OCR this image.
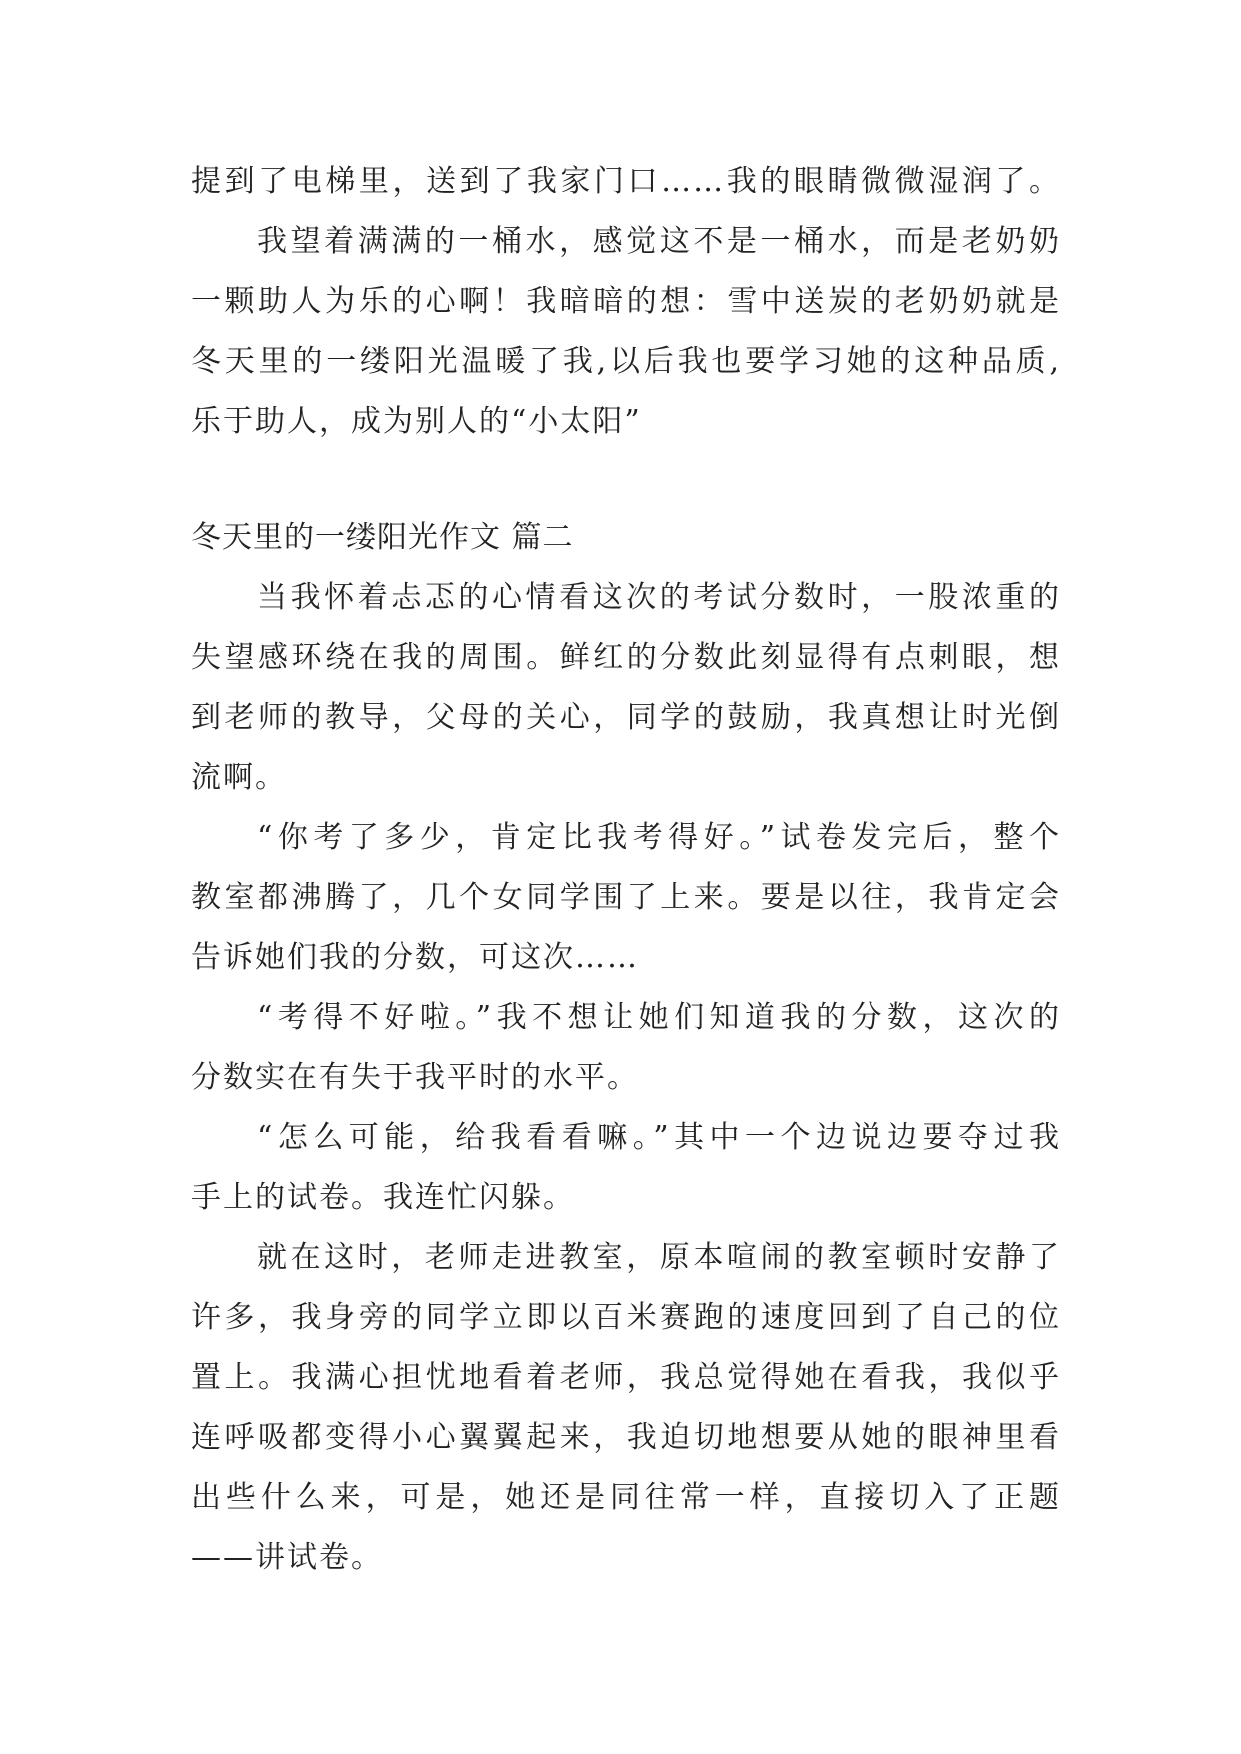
提到了电梯里，送到了我家门口……我的眼睛微微湿润了。
我望着满满的一桶水，感觉这不是一桶水，而是老奶奶
一颗助人为乐的心啊！我暗暗的想：雪中送炭的老奶奶就是
冬天里的一缕阳光温暖了我,以后我也要学习她的这种品质,
乐于助人，成为别人的“小太阳”
冬天里的一缕阳光作文 篇二
当我怀着忐忑的心情看这次的考试分数时，一股浓重的
失望感环绕在我的周围。鲜红的分数此刻显得有点刺眼，想
到老师的教导，父母的关心，同学的鼓励，我真想让时光倒
流啊。
“你考了多少，肯定比我考得好。”试卷发完后，整个
教室都沸腾了，几个女同学围了上来。要是以往，我肯定会
告诉她们我的分数，可这次……
“考得不好啦。”我不想让她们知道我的分数，这次的
分数实在有失于我平时的水平。
“怎么可能，给我看看嘛。”其中一个边说边要夺过我
手上的试卷。我连忙闪躲。
就在这时，老师走进教室，原本喧闹的教室顿时安静了
许多，我身旁的同学立即以百米赛跑的速度回到了自己的位
置上。我满心担忧地看着老师，我总觉得她在看我，我似乎
连呼吸都变得小心翼翼起来，我迫切地想要从她的眼神里看
出些什么来，可是，她还是同往常一样，直接切入了正题
——讲试卷。
